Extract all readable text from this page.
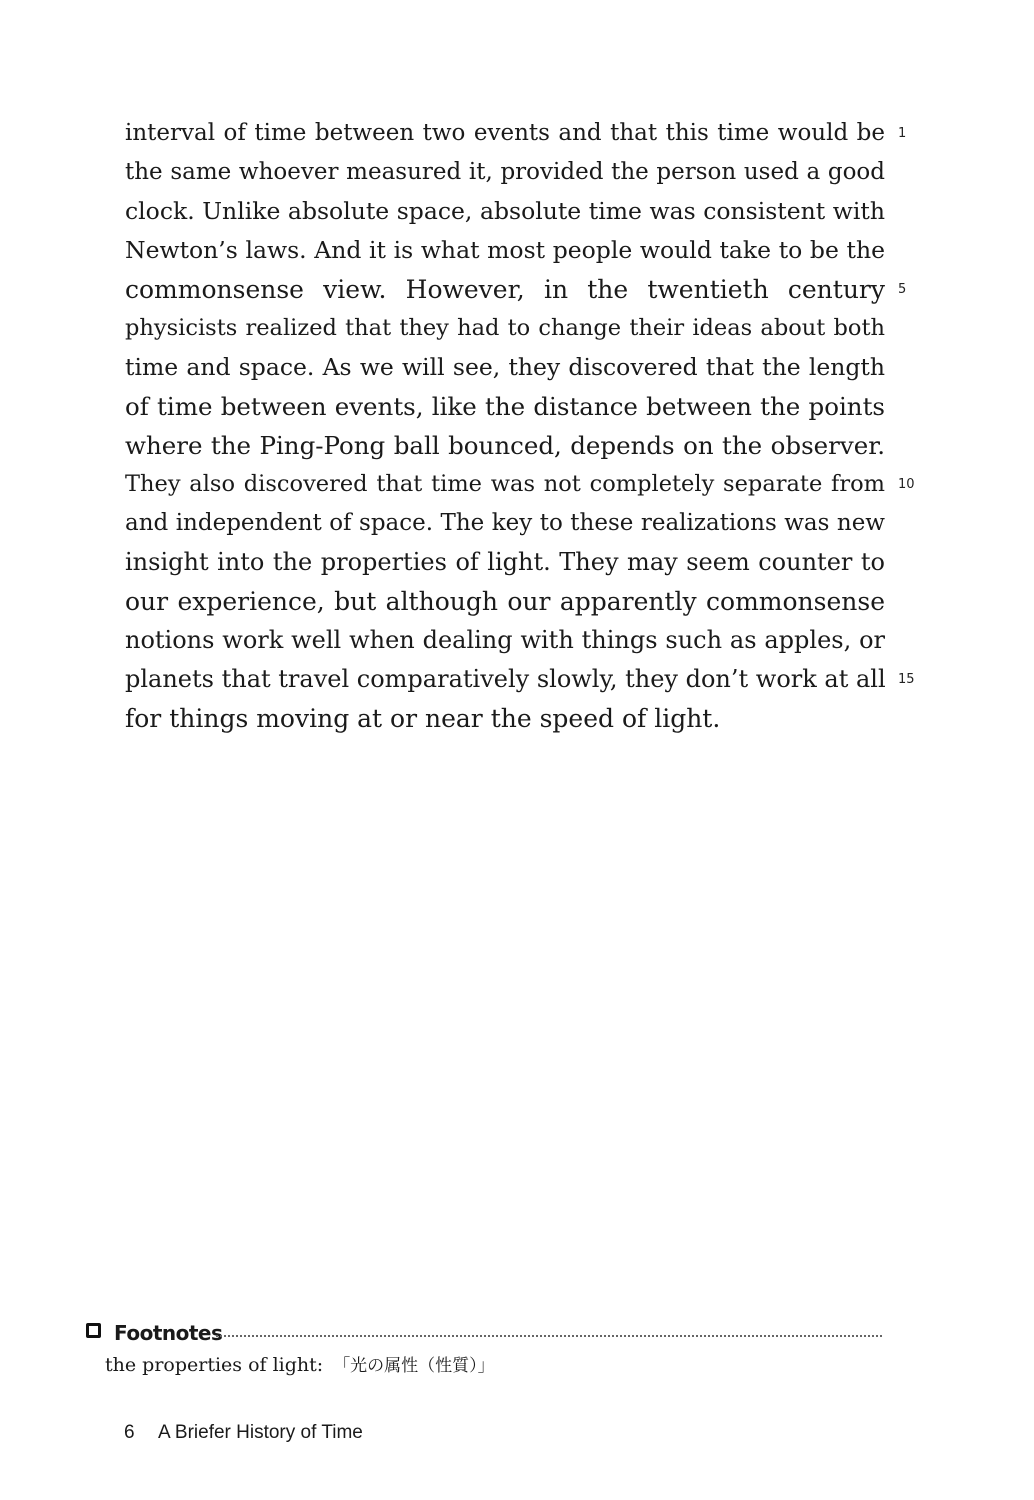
interval of time between two events and that this time would be
the same whoever measured it, provided the person used a good
clock. Unlike absolute space, absolute time was consistent with
Newton’s laws. And it is what most people would take to be the
commonsense view. However, in the twentieth century
physicists realized that they had to change their ideas about both
time and space. As we will see, they discovered that the length
of time between events, like the distance between the points
where the Ping-Pong ball bounced, depends on the observer.
They also discovered that time was not completely separate from
and independent of space. The key to these realizations was new
insight into the properties of light. They may seem counter to
our experience, but although our apparently commonsense
notions work well when dealing with things such as apples, or
planets that travel comparatively slowly, they don’t work at all
for things moving at or near the speed of light.
1
5
10
15
Footnotes
the properties of light: 「光の属性（性質）」
6 A Briefer History of Time
